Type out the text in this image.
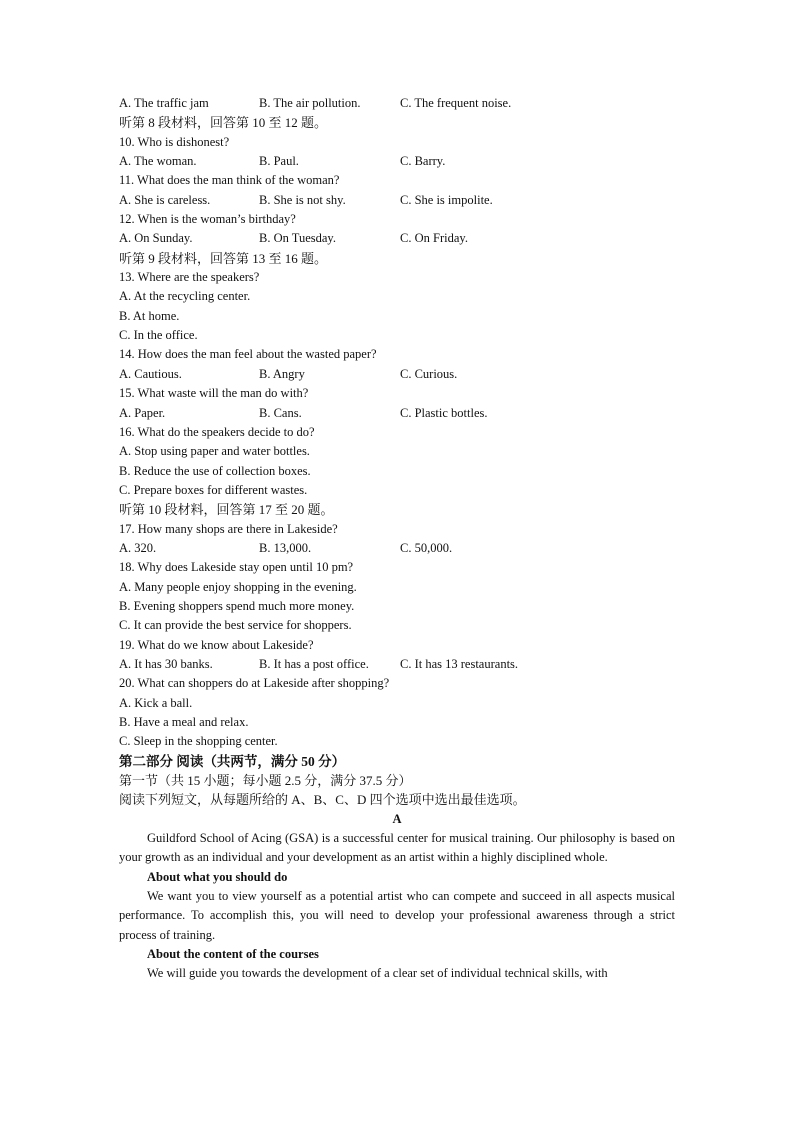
A. The traffic jam	B. The air pollution.	C. The frequent noise.
听第 8 段材料，回答第 10 至 12 题。
10. Who is dishonest?
A. The woman.	B. Paul.	C. Barry.
11. What does the man think of the woman?
A. She is careless.	B. She is not shy.	C. She is impolite.
12. When is the woman’s birthday?
A. On Sunday.	B. On Tuesday.	C. On Friday.
听第 9 段材料，回答第 13 至 16 题。
13. Where are the speakers?
A. At the recycling center.
B. At home.
C. In the office.
14. How does the man feel about the wasted paper?
A. Cautious.	B. Angry	C. Curious.
15. What waste will the man do with?
A. Paper.	B. Cans.	C. Plastic bottles.
16. What do the speakers decide to do?
A. Stop using paper and water bottles.
B. Reduce the use of collection boxes.
C. Prepare boxes for different wastes.
听第 10 段材料，回答第 17 至 20 题。
17. How many shops are there in Lakeside?
A. 320.	B. 13,000.	C. 50,000.
18. Why does Lakeside stay open until 10 pm?
A. Many people enjoy shopping in the evening.
B. Evening shoppers spend much more money.
C. It can provide the best service for shoppers.
19. What do we know about Lakeside?
A. It has 30 banks.	B. It has a post office. C. It has 13 restaurants.
20. What can shoppers do at Lakeside after shopping?
A. Kick a ball.
B. Have a meal and relax.
C. Sleep in the shopping center.
第二部分 阅读（共两节，满分 50 分）
第一节（共 15 小题；每小题 2.5 分，满分 37.5 分）
阅读下列短文，从每题所给的 A、B、C、D 四个选项中选出最佳选项。
A
Guildford School of Acing (GSA) is a successful center for musical training. Our philosophy is based on your growth as an individual and your development as an artist within a highly disciplined whole.
About what you should do
We want you to view yourself as a potential artist who can compete and succeed in all aspects musical performance. To accomplish this, you will need to develop your professional awareness through a strict process of training.
About the content of the courses
We will guide you towards the development of a clear set of individual technical skills, with
